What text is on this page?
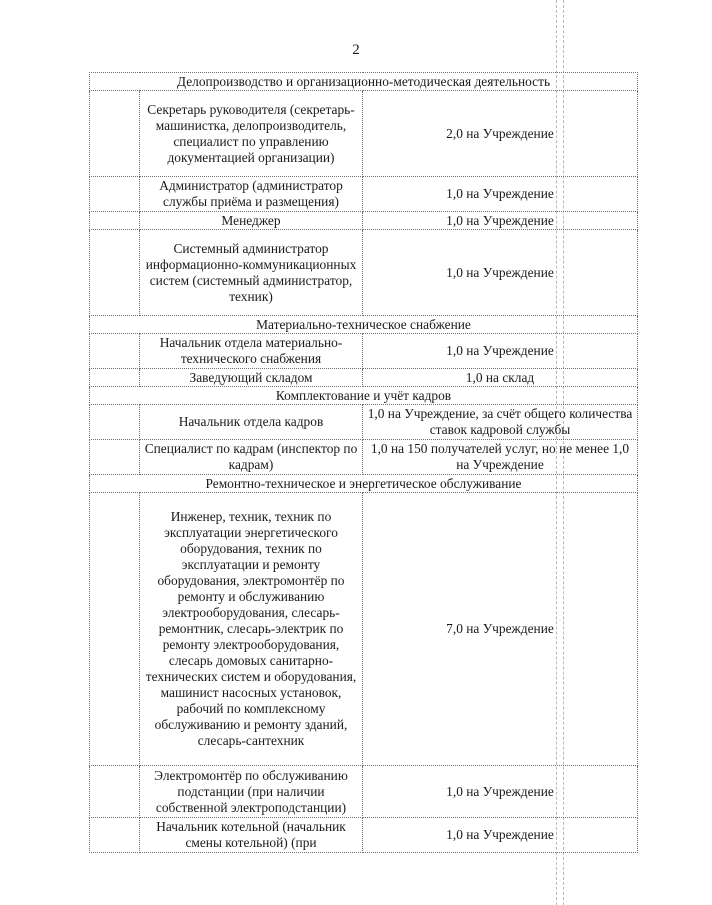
2
Делопроизводство и организационно-методическая деятельность		
	Секретарь руководителя (секретарь-машинистка, делопроизводитель, специалист по управлению документацией организации)	2,0 на Учреждение
	Администратор (администратор службы приёма и размещения)	1,0 на Учреждение
	Менеджер	1,0 на Учреждение
	Системный администратор информационно-коммуникационных систем (системный администратор, техник)	1,0 на Учреждение
Материально-техническое снабжение		
	Начальник отдела материально-технического снабжения	1,0 на Учреждение
	Заведующий складом	1,0 на склад
Комплектование и учёт кадров		
	Начальник отдела кадров	1,0 на Учреждение, за счёт общего количества ставок кадровой службы
	Специалист по кадрам (инспектор по кадрам)	1,0 на 150 получателей услуг, но не менее 1,0 на Учреждение
Ремонтно-техническое и энергетическое обслуживание		
	Инженер, техник, техник по эксплуатации энергетического оборудования, техник по эксплуатации и ремонту оборудования, электромонтёр по ремонту и обслуживанию электрооборудования, слесарь-ремонтник, слесарь-электрик по ремонту электрооборудования, слесарь домовых санитарно-технических систем и оборудования, машинист насосных установок, рабочий по комплексному обслуживанию и ремонту зданий, слесарь-сантехник	7,0 на Учреждение
	Электромонтёр по обслуживанию подстанции (при наличии собственной электроподстанции)	1,0 на Учреждение
	Начальник котельной (начальник смены котельной) (при	1,0 на Учреждение
